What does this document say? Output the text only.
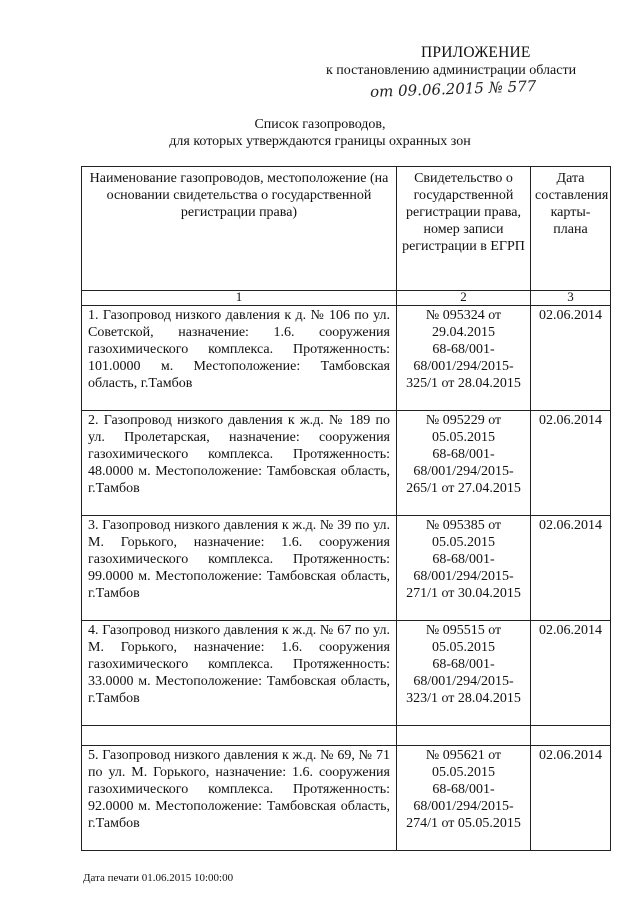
ПРИЛОЖЕНИЕ
к постановлению администрации области
от 09.06.2015 № 577
Список газопроводов,
для которых утверждаются границы охранных зон
Наименование газопроводов, местоположение (на основании свидетельства о государственной регистрации права)	Свидетельство о государственной регистрации права, номер записи регистрации в ЕГРП	Дата составления карты-плана
1	2	3
1. Газопровод низкого давления к д. № 106 по ул. Советской, назначение: 1.6. сооружения газохимического комплекса. Протяженность: 101.0000 м. Местоположение: Тамбовская область, г.Тамбов	№ 095324 от
29.04.2015
68-68/001-
68/001/294/2015-
325/1 от 28.04.2015	02.06.2014
2. Газопровод низкого давления к ж.д. № 189 по ул. Пролетарская, назначение: сооружения газохимического комплекса. Протяженность: 48.0000 м. Местоположение: Тамбовская область, г.Тамбов	№ 095229 от
05.05.2015
68-68/001-
68/001/294/2015-
265/1 от 27.04.2015	02.06.2014
3. Газопровод низкого давления к ж.д. № 39 по ул. М. Горького, назначение: 1.6. сооружения газохимического комплекса. Протяженность: 99.0000 м. Местоположение: Тамбовская область, г.Тамбов	№ 095385 от
05.05.2015
68-68/001-
68/001/294/2015-
271/1 от 30.04.2015	02.06.2014
4. Газопровод низкого давления к ж.д. № 67 по ул. М. Горького, назначение: 1.6. сооружения газохимического комплекса. Протяженность: 33.0000 м. Местоположение: Тамбовская область, г.Тамбов	№ 095515 от
05.05.2015
68-68/001-
68/001/294/2015-
323/1 от 28.04.2015	02.06.2014

5. Газопровод низкого давления к ж.д. № 69, № 71 по ул. М. Горького, назначение: 1.6. сооружения газохимического комплекса. Протяженность: 92.0000 м. Местоположение: Тамбовская область, г.Тамбов	№ 095621 от
05.05.2015
68-68/001-
68/001/294/2015-
274/1 от 05.05.2015	02.06.2014
Дата печати 01.06.2015 10:00:00
